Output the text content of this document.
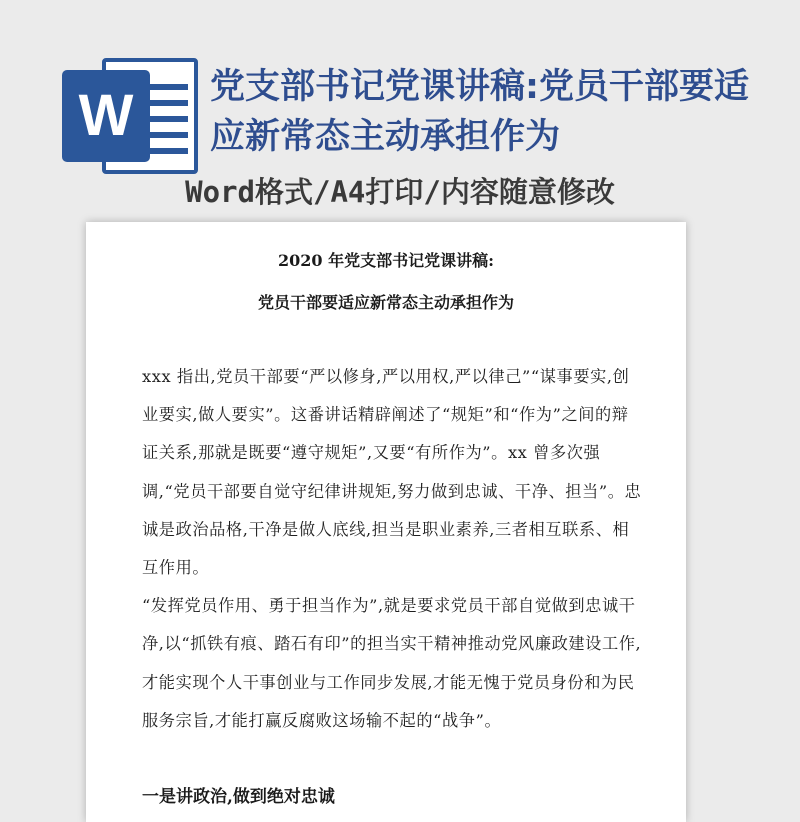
W	党支部书记党课讲稿:党员干部要适应新常态主动承担作为
Word格式/A4打印/内容随意修改
2020 年党支部书记党课讲稿:
党员干部要适应新常态主动承担作为

xxx 指出,党员干部要“严以修身,严以用权,严以律己”“谋事要实,创业要实,做人要实”。这番讲话精辟阐述了“规矩”和“作为”之间的辩证关系,那就是既要“遵守规矩”,又要“有所作为”。xx 曾多次强调,“党员干部要自觉守纪律讲规矩,努力做到忠诚、干净、担当”。忠诚是政治品格,干净是做人底线,担当是职业素养,三者相互联系、相互作用。

“发挥党员作用、勇于担当作为”,就是要求党员干部自觉做到忠诚干净,以“抓铁有痕、踏石有印”的担当实干精神推动党风廉政建设工作,才能实现个人干事创业与工作同步发展,才能无愧于党员身份和为民服务宗旨,才能打赢反腐败这场输不起的“战争”。

一是讲政治,做到绝对忠诚
